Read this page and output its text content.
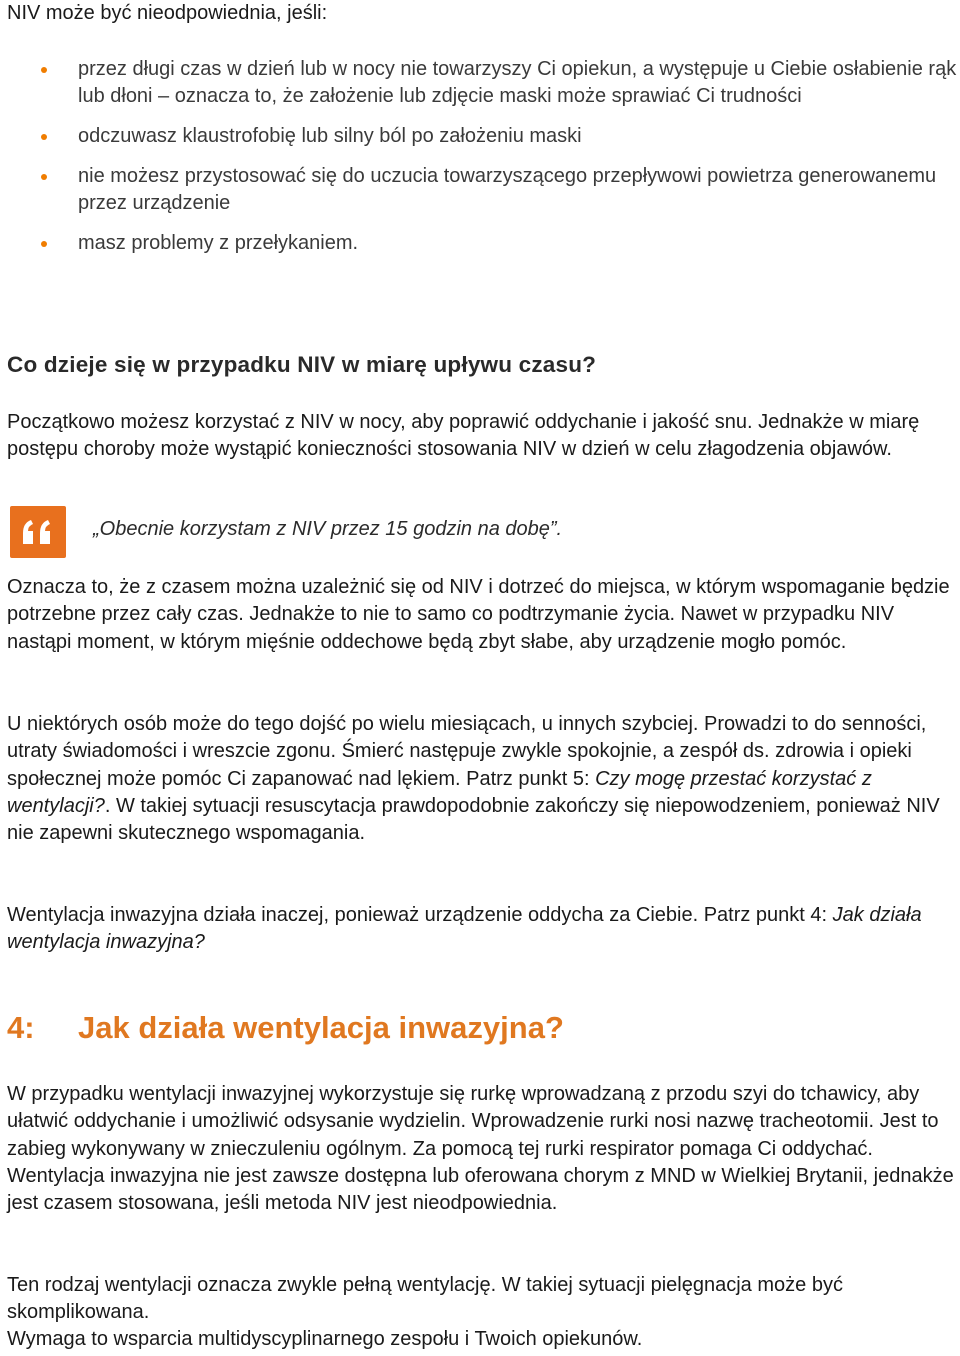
NIV może być nieodpowiednia, jeśli:

przez długi czas w dzień lub w nocy nie towarzyszy Ci opiekun, a występuje u Ciebie osłabienie rąk lub dłoni – oznacza to, że założenie lub zdjęcie maski może sprawiać Ci trudności
odczuwasz klaustrofobię lub silny ból po założeniu maski
nie możesz przystosować się do uczucia towarzyszącego przepływowi powietrza generowanemu przez urządzenie
masz problemy z przełykaniem.
Co dzieje się w przypadku NIV w miarę upływu czasu?

Początkowo możesz korzystać z NIV w nocy, aby poprawić oddychanie i jakość snu. Jednakże w miarę postępu choroby może wystąpić konieczności stosowania NIV w dzień w celu złagodzenia objawów.

„Obecnie korzystam z NIV przez 15 godzin na dobę”.

Oznacza to, że z czasem można uzależnić się od NIV i dotrzeć do miejsca, w którym wspomaganie będzie potrzebne przez cały czas. Jednakże to nie to samo co podtrzymanie życia. Nawet w przypadku NIV nastąpi moment, w którym mięśnie oddechowe będą zbyt słabe, aby urządzenie mogło pomóc.

U niektórych osób może do tego dojść po wielu miesiącach, u innych szybciej. Prowadzi to do senności, utraty świadomości i wreszcie zgonu. Śmierć następuje zwykle spokojnie, a zespół ds. zdrowia i opieki społecznej może pomóc Ci zapanować nad lękiem. Patrz punkt 5: Czy mogę przestać korzystać z wentylacji?. W takiej sytuacji resuscytacja prawdopodobnie zakończy się niepowodzeniem, ponieważ NIV nie zapewni skutecznego wspomagania.

Wentylacja inwazyjna działa inaczej, ponieważ urządzenie oddycha za Ciebie. Patrz punkt 4: Jak działa wentylacja inwazyjna?

4: Jak działa wentylacja inwazyjna?

W przypadku wentylacji inwazyjnej wykorzystuje się rurkę wprowadzaną z przodu szyi do tchawicy, aby ułatwić oddychanie i umożliwić odsysanie wydzielin. Wprowadzenie rurki nosi nazwę tracheotomii. Jest to zabieg wykonywany w znieczuleniu ogólnym. Za pomocą tej rurki respirator pomaga Ci oddychać. Wentylacja inwazyjna nie jest zawsze dostępna lub oferowana chorym z MND w Wielkiej Brytanii, jednakże jest czasem stosowana, jeśli metoda NIV jest nieodpowiednia.

Ten rodzaj wentylacji oznacza zwykle pełną wentylację. W takiej sytuacji pielęgnacja może być skomplikowana.

Wymaga to wsparcia multidyscyplinarnego zespołu i Twoich opiekunów.
